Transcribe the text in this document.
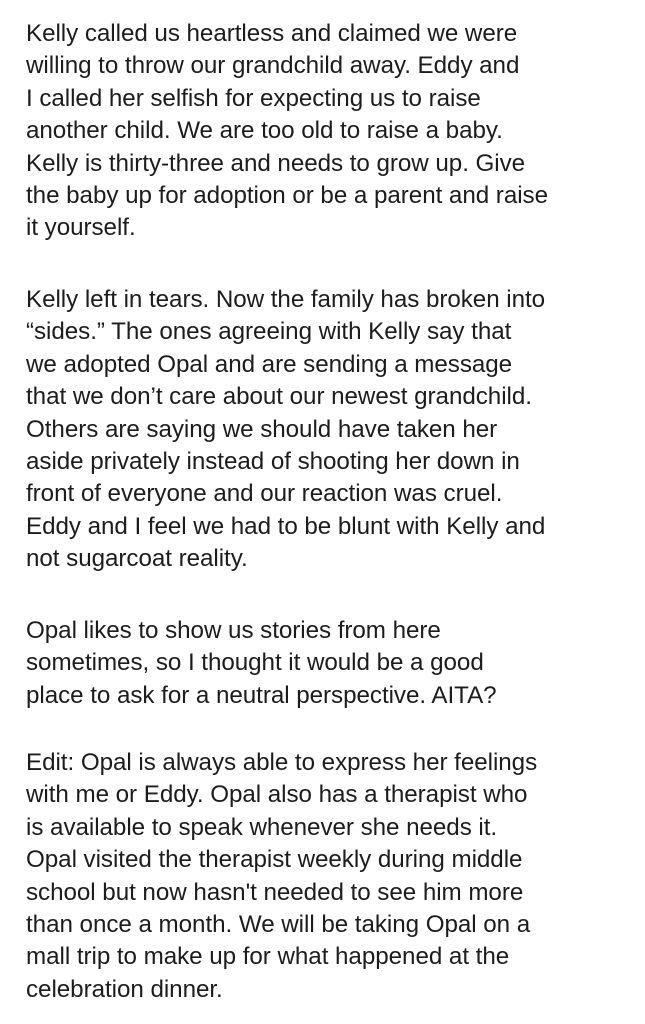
Kelly called us heartless and claimed we were
willing to throw our grandchild away. Eddy and
I called her selfish for expecting us to raise
another child. We are too old to raise a baby.
Kelly is thirty-three and needs to grow up. Give
the baby up for adoption or be a parent and raise
it yourself.

Kelly left in tears. Now the family has broken into
“sides.” The ones agreeing with Kelly say that
we adopted Opal and are sending a message
that we don’t care about our newest grandchild.
Others are saying we should have taken her
aside privately instead of shooting her down in
front of everyone and our reaction was cruel.
Eddy and I feel we had to be blunt with Kelly and
not sugarcoat reality.

Opal likes to show us stories from here
sometimes, so I thought it would be a good
place to ask for a neutral perspective. AITA?

Edit: Opal is always able to express her feelings
with me or Eddy. Opal also has a therapist who
is available to speak whenever she needs it.
Opal visited the therapist weekly during middle
school but now hasn't needed to see him more
than once a month. We will be taking Opal on a
mall trip to make up for what happened at the
celebration dinner.
